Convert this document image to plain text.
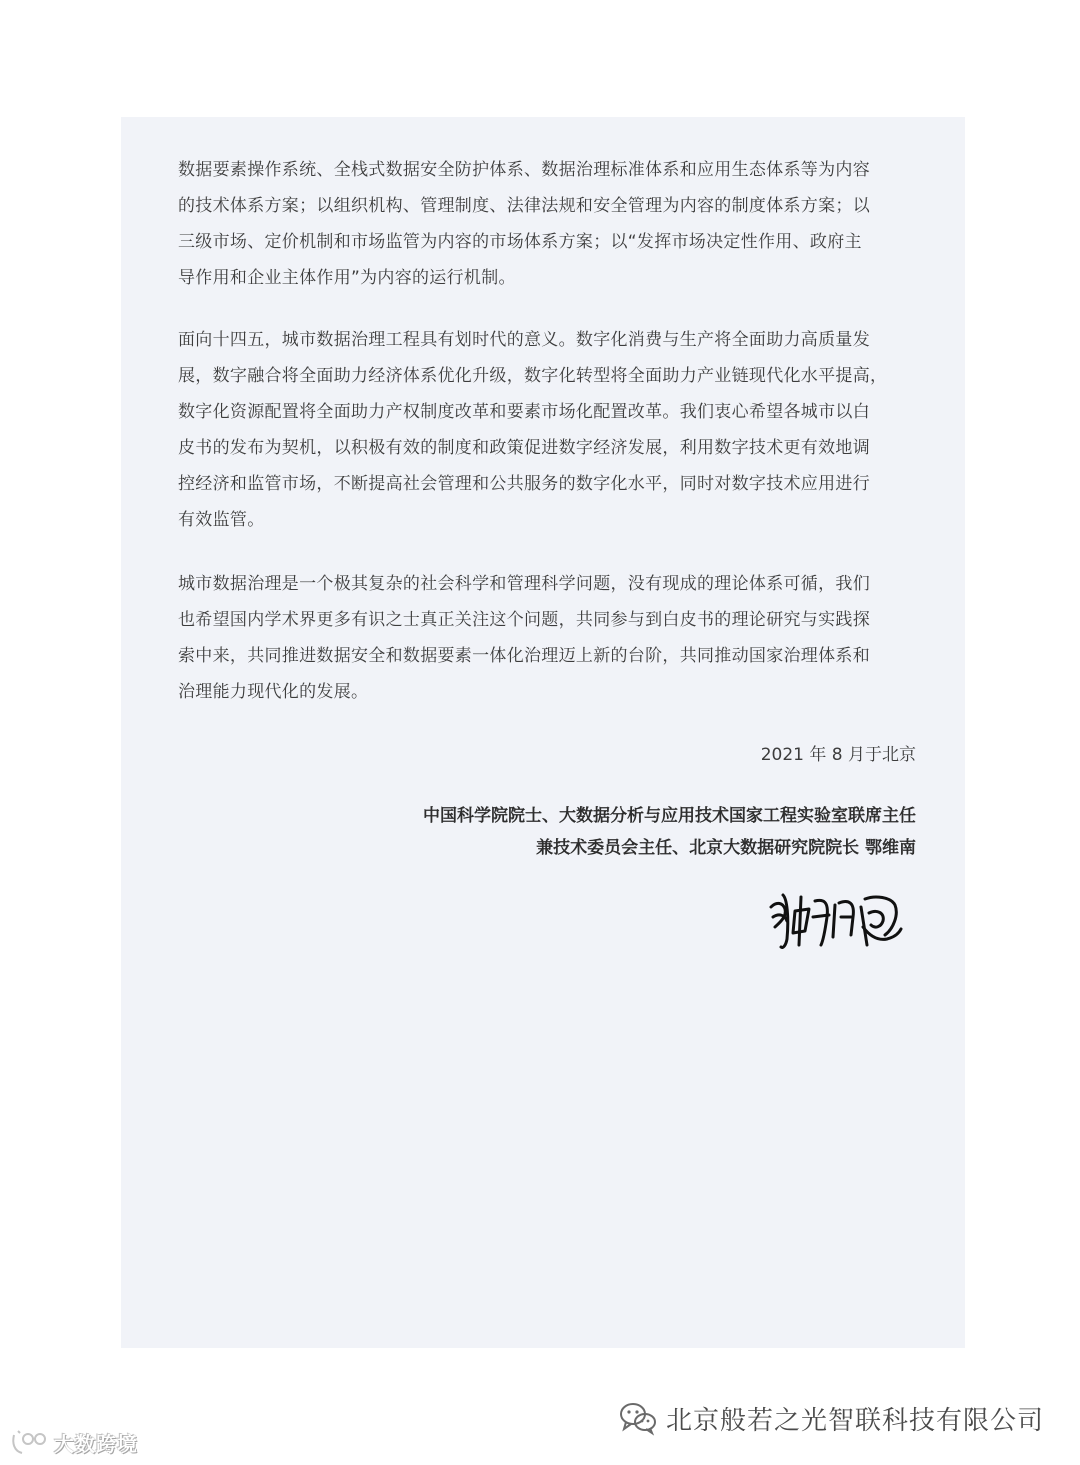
数据要素操作系统、全栈式数据安全防护体系、数据治理标准体系和应用生态体系等为内容
的技术体系方案；以组织机构、管理制度、法律法规和安全管理为内容的制度体系方案；以
三级市场、定价机制和市场监管为内容的市场体系方案；以“发挥市场决定性作用、政府主
导作用和企业主体作用”为内容的运行机制。

面向十四五，城市数据治理工程具有划时代的意义。数字化消费与生产将全面助力高质量发
展，数字融合将全面助力经济体系优化升级，数字化转型将全面助力产业链现代化水平提高，
数字化资源配置将全面助力产权制度改革和要素市场化配置改革。我们衷心希望各城市以白
皮书的发布为契机，以积极有效的制度和政策促进数字经济发展，利用数字技术更有效地调
控经济和监管市场，不断提高社会管理和公共服务的数字化水平，同时对数字技术应用进行
有效监管。

城市数据治理是一个极其复杂的社会科学和管理科学问题，没有现成的理论体系可循，我们
也希望国内学术界更多有识之士真正关注这个问题，共同参与到白皮书的理论研究与实践探
索中来，共同推进数据安全和数据要素一体化治理迈上新的台阶，共同推动国家治理体系和
治理能力现代化的发展。

2021 年 8 月于北京
中国科学院院士、大数据分析与应用技术国家工程实验室联席主任
兼技术委员会主任、北京大数据研究院院长 鄂维南
北京般若之光智联科技有限公司
大数跨境
